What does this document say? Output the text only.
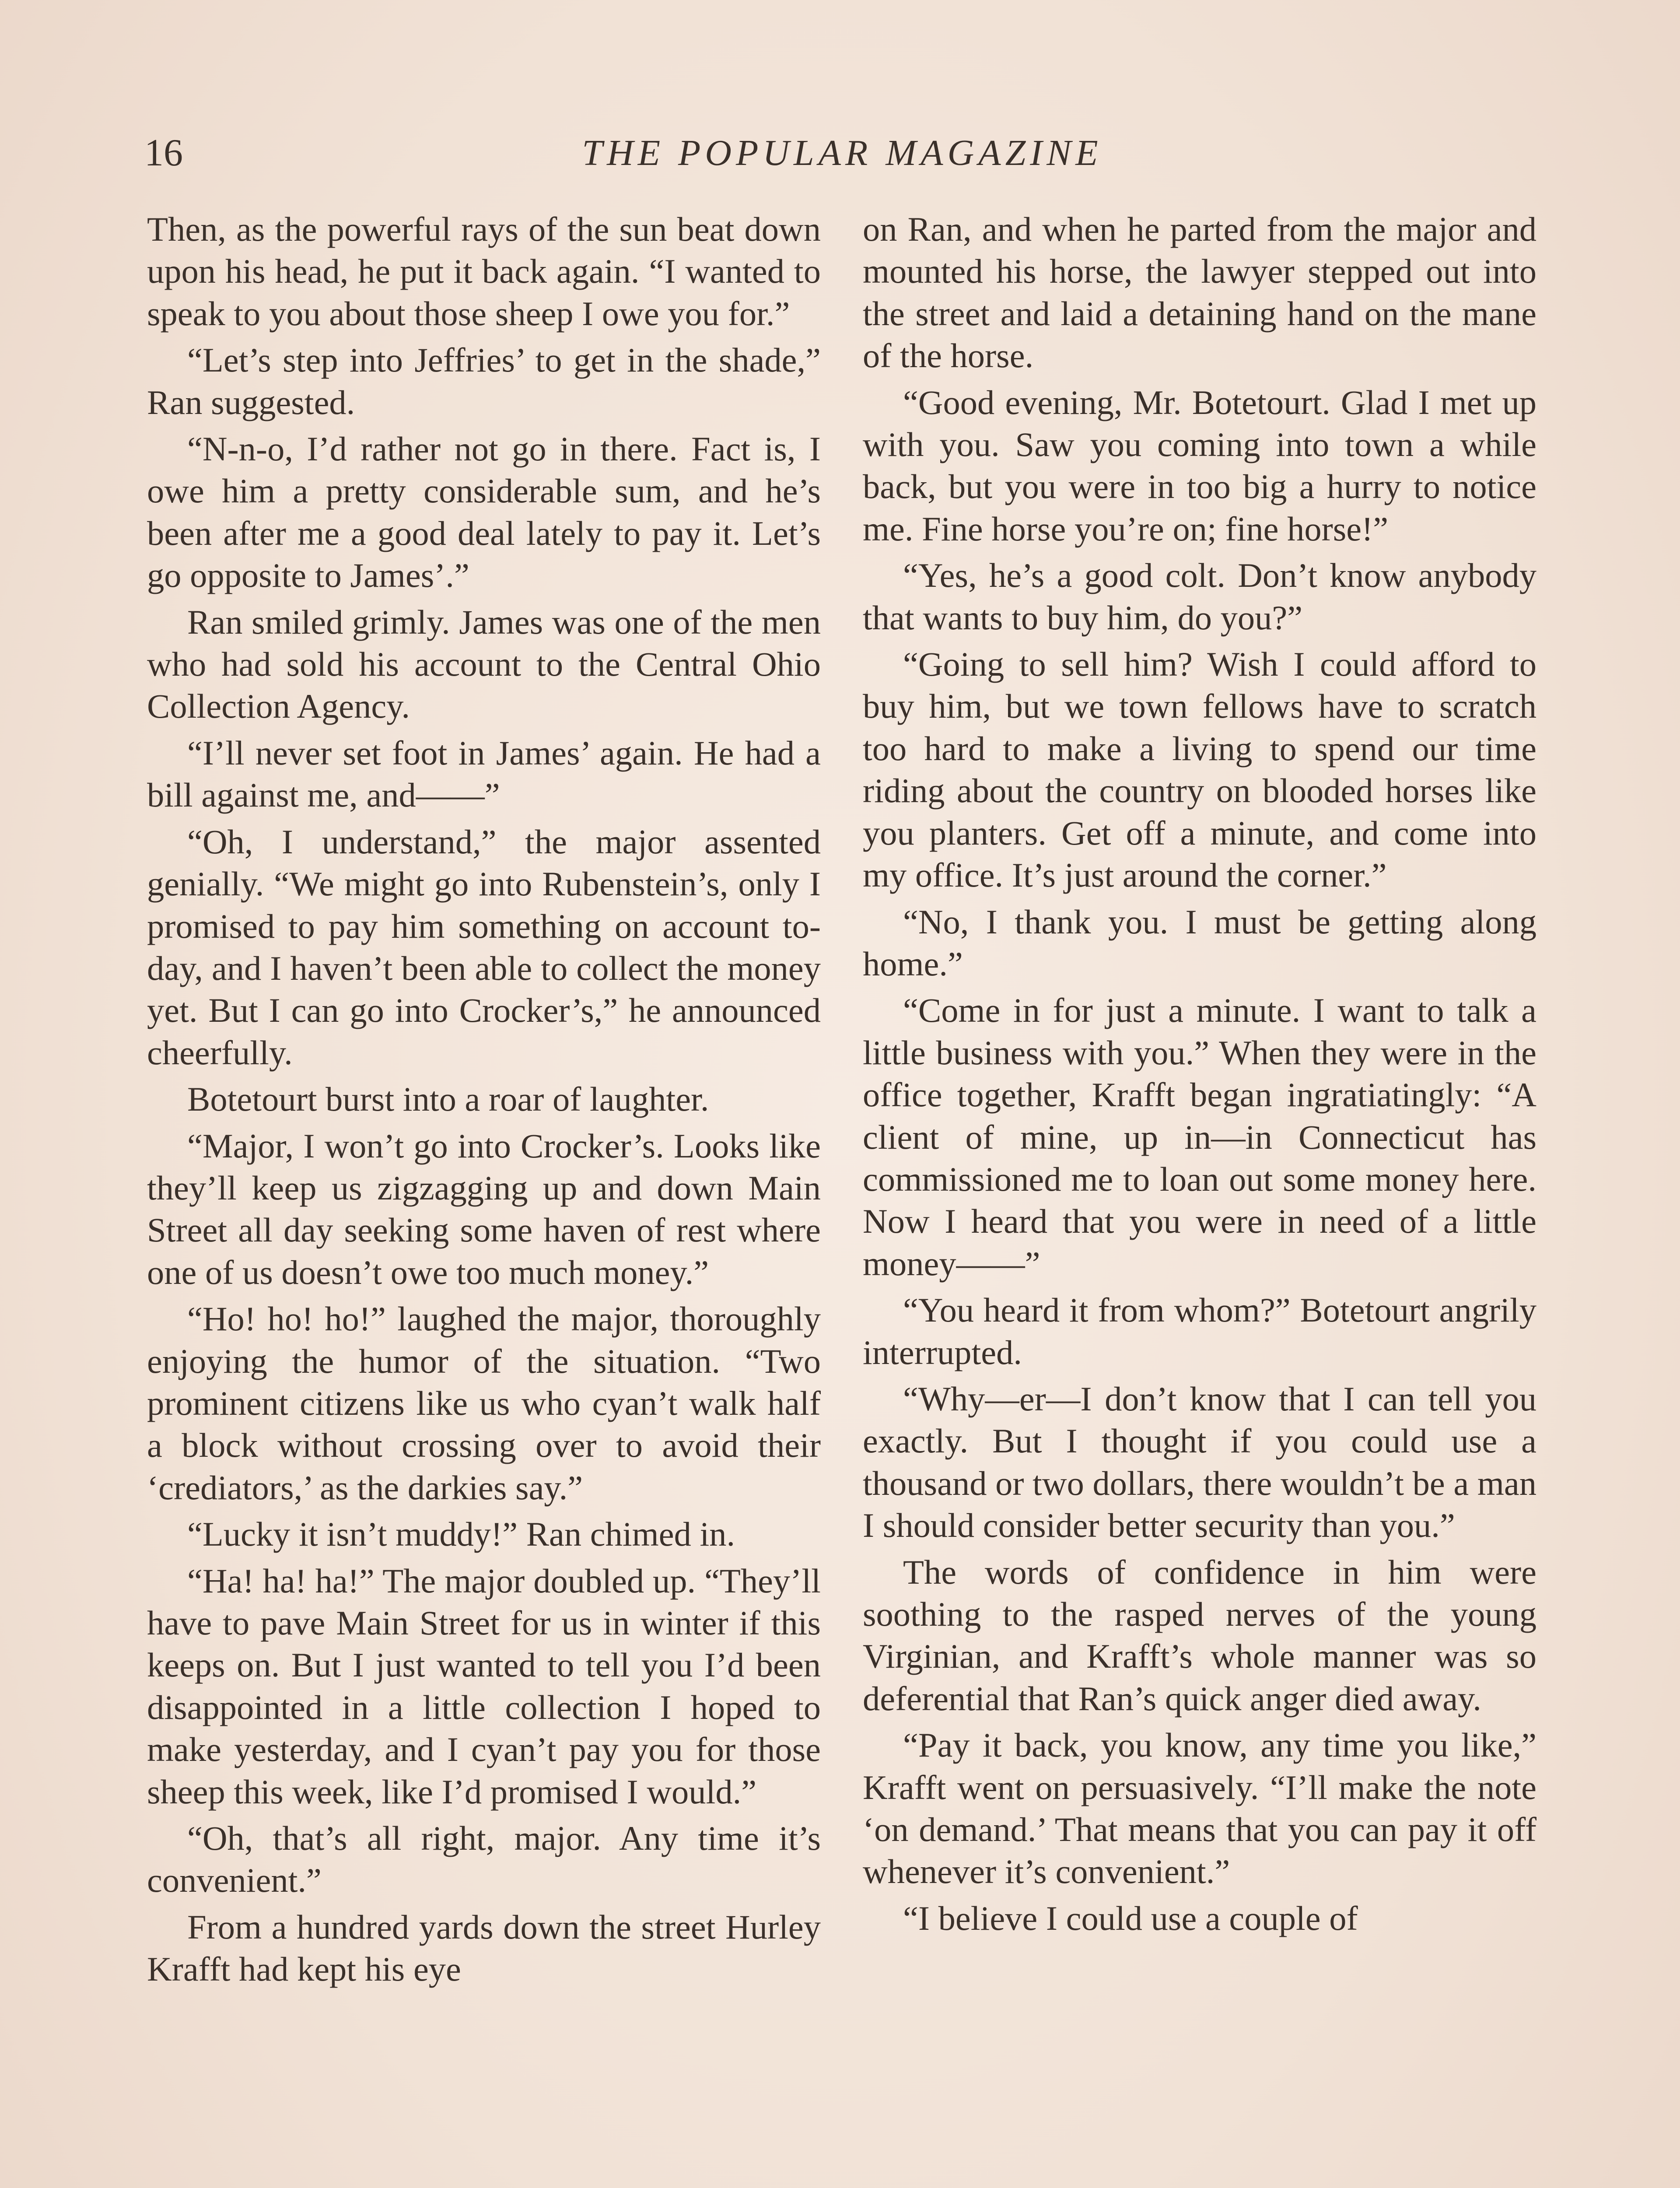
16	THE POPULAR MAGAZINE

Then, as the powerful rays of the sun beat down upon his head, he put it back again. “I wanted to speak to you about those sheep I owe you for.”

“Let’s step into Jeffries’ to get in the shade,” Ran suggested.

“N-n-o, I’d rather not go in there. Fact is, I owe him a pretty considerable sum, and he’s been after me a good deal lately to pay it. Let’s go opposite to James’.”

Ran smiled grimly. James was one of the men who had sold his account to the Central Ohio Collection Agency.

“I’ll never set foot in James’ again. He had a bill against me, and——”

“Oh, I understand,” the major assented genially. “We might go into Rubenstein’s, only I promised to pay him something on account to-day, and I haven’t been able to collect the money yet. But I can go into Crocker’s,” he announced cheerfully.

Botetourt burst into a roar of laughter.

“Major, I won’t go into Crocker’s. Looks like they’ll keep us zigzagging up and down Main Street all day seeking some haven of rest where one of us doesn’t owe too much money.”

“Ho! ho! ho!” laughed the major, thoroughly enjoying the humor of the situation. “Two prominent citizens like us who cyan’t walk half a block without crossing over to avoid their ‘crediators,’ as the darkies say.”

“Lucky it isn’t muddy!” Ran chimed in.

“Ha! ha! ha!” The major doubled up. “They’ll have to pave Main Street for us in winter if this keeps on. But I just wanted to tell you I’d been disappointed in a little collection I hoped to make yesterday, and I cyan’t pay you for those sheep this week, like I’d promised I would.”

“Oh, that’s all right, major. Any time it’s convenient.”

From a hundred yards down the street Hurley Krafft had kept his eye

on Ran, and when he parted from the major and mounted his horse, the lawyer stepped out into the street and laid a detaining hand on the mane of the horse.

“Good evening, Mr. Botetourt. Glad I met up with you. Saw you coming into town a while back, but you were in too big a hurry to notice me. Fine horse you’re on; fine horse!”

“Yes, he’s a good colt. Don’t know anybody that wants to buy him, do you?”

“Going to sell him? Wish I could afford to buy him, but we town fellows have to scratch too hard to make a living to spend our time riding about the country on blooded horses like you planters. Get off a minute, and come into my office. It’s just around the corner.”

“No, I thank you. I must be getting along home.”

“Come in for just a minute. I want to talk a little business with you.” When they were in the office together, Krafft began ingratiatingly: “A client of mine, up in—in Connecticut has commissioned me to loan out some money here. Now I heard that you were in need of a little money——”

“You heard it from whom?” Botetourt angrily interrupted.

“Why—er—I don’t know that I can tell you exactly. But I thought if you could use a thousand or two dollars, there wouldn’t be a man I should consider better security than you.”

The words of confidence in him were soothing to the rasped nerves of the young Virginian, and Krafft’s whole manner was so deferential that Ran’s quick anger died away.

“Pay it back, you know, any time you like,” Krafft went on persuasively. “I’ll make the note ‘on demand.’ That means that you can pay it off whenever it’s convenient.”

“I believe I could use a couple of
